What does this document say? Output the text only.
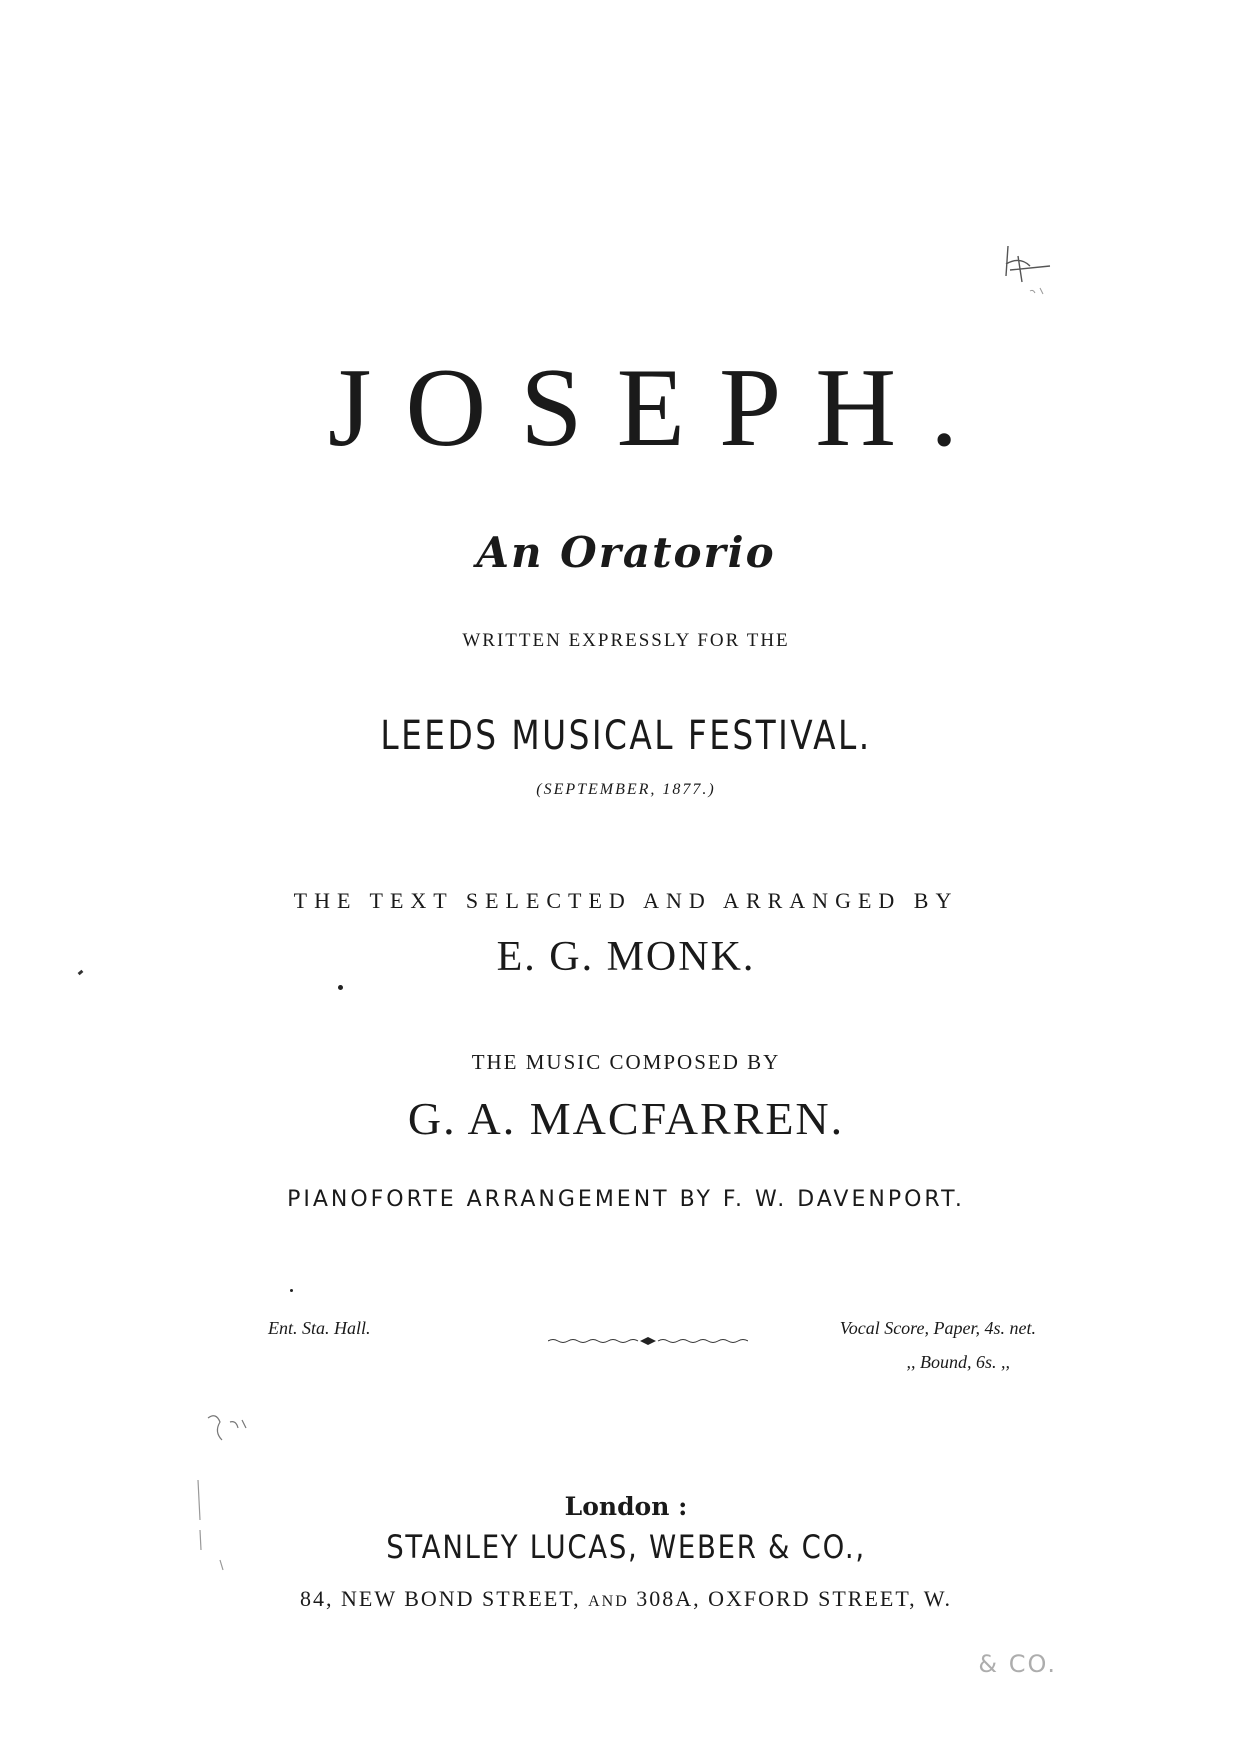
JOSEPH.
An Oratorio
WRITTEN EXPRESSLY FOR THE
LEEDS MUSICAL FESTIVAL.
(SEPTEMBER, 1877.)
THE TEXT SELECTED AND ARRANGED BY
E. G. MONK.
THE MUSIC COMPOSED BY
G. A. MACFARREN.
PIANOFORTE ARRANGEMENT BY F. W. DAVENPORT.
Ent. Sta. Hall.	Vocal Score, Paper, 4s. net.
,, Bound, 6s. ,,
London :
STANLEY LUCAS, WEBER & CO.,
84, NEW BOND STREET, AND 308A, OXFORD STREET, W.
& CO.
